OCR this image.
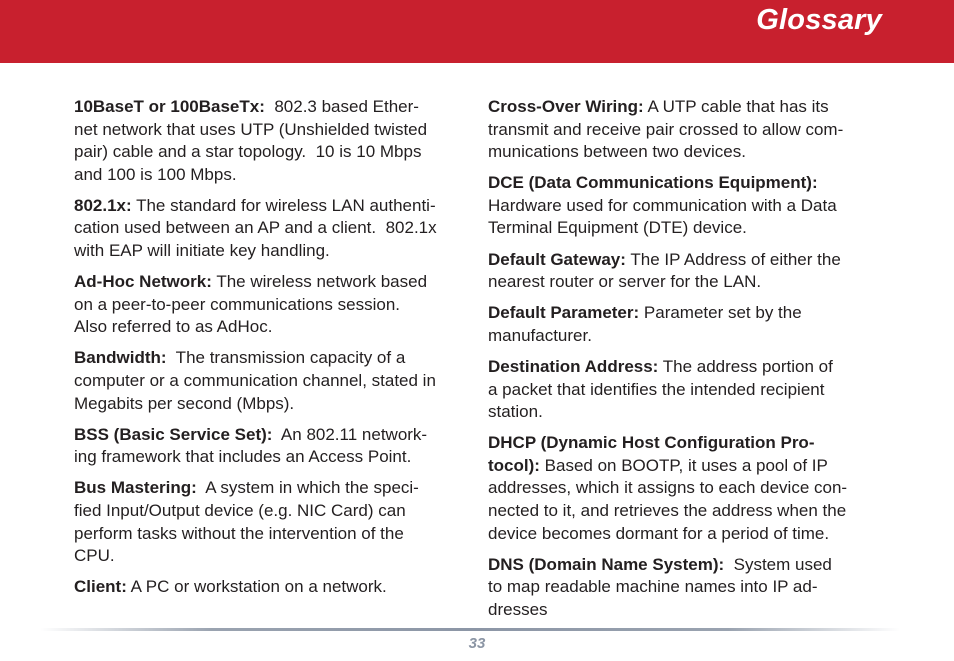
Glossary
10BaseT or 100BaseTx:  802.3 based Ether-
net network that uses UTP (Unshielded twisted
pair) cable and a star topology.  10 is 10 Mbps
and 100 is 100 Mbps.
802.1x: The standard for wireless LAN authenti-
cation used between an AP and a client.  802.1x
with EAP will initiate key handling.
Ad-Hoc Network: The wireless network based
on a peer-to-peer communications session.
Also referred to as AdHoc.
Bandwidth:  The transmission capacity of a
computer or a communication channel, stated in
Megabits per second (Mbps).
BSS (Basic Service Set):  An 802.11 network-
ing framework that includes an Access Point.
Bus Mastering:  A system in which the speci-
fied Input/Output device (e.g. NIC Card) can
perform tasks without the intervention of the
CPU.
Client: A PC or workstation on a network.
Cross-Over Wiring: A UTP cable that has its
transmit and receive pair crossed to allow com-
munications between two devices.
DCE (Data Communications Equipment):
Hardware used for communication with a Data
Terminal Equipment (DTE) device.
Default Gateway: The IP Address of either the
nearest router or server for the LAN.
Default Parameter: Parameter set by the
manufacturer.
Destination Address: The address portion of
a packet that identifies the intended recipient
station.
DHCP (Dynamic Host Configuration Pro-
tocol): Based on BOOTP, it uses a pool of IP
addresses, which it assigns to each device con-
nected to it, and retrieves the address when the
device becomes dormant for a period of time.
DNS (Domain Name System):  System used
to map readable machine names into IP ad-
dresses
33
